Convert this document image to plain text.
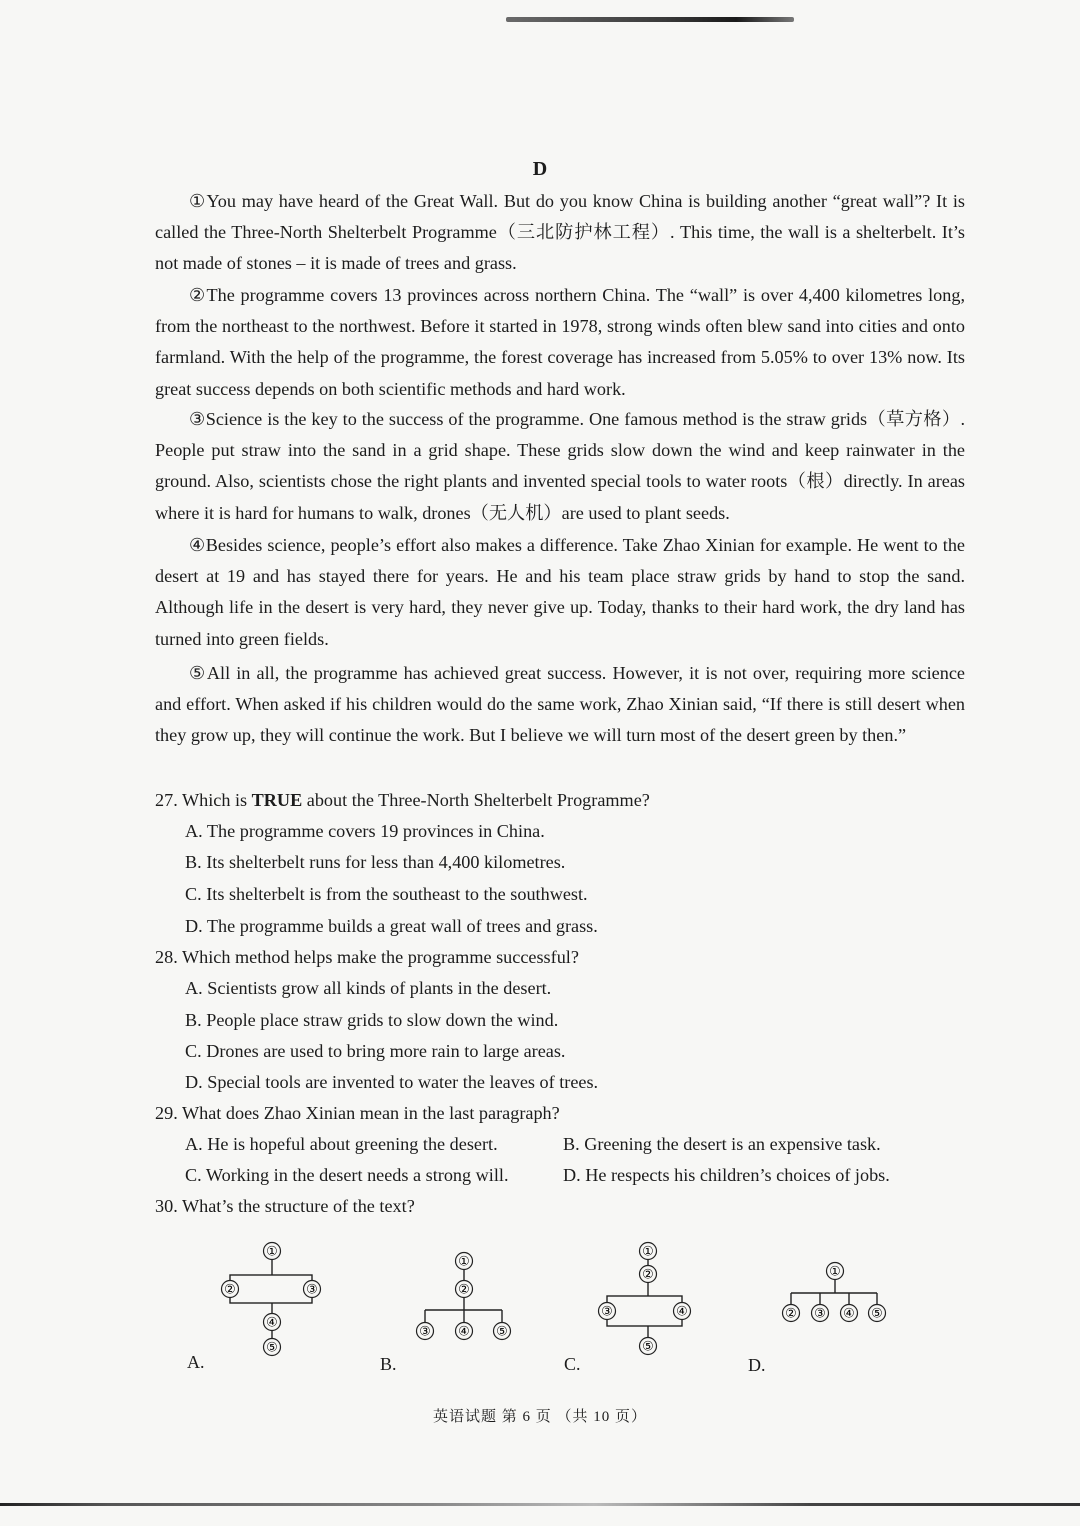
D
①You may have heard of the Great Wall. But do you know China is building another “great wall”? It is called the Three-North Shelterbelt Programme（三北防护林工程）. This time, the wall is a shelterbelt. It’s not made of stones – it is made of trees and grass.
②The programme covers 13 provinces across northern China. The “wall” is over 4,400 kilometres long, from the northeast to the northwest. Before it started in 1978, strong winds often blew sand into cities and onto farmland. With the help of the programme, the forest coverage has increased from 5.05% to over 13% now. Its great success depends on both scientific methods and hard work.
③Science is the key to the success of the programme. One famous method is the straw grids（草方格）. People put straw into the sand in a grid shape. These grids slow down the wind and keep rainwater in the ground. Also, scientists chose the right plants and invented special tools to water roots（根）directly. In areas where it is hard for humans to walk, drones（无人机）are used to plant seeds.
④Besides science, people’s effort also makes a difference. Take Zhao Xinian for example. He went to the desert at 19 and has stayed there for years. He and his team place straw grids by hand to stop the sand. Although life in the desert is very hard, they never give up. Today, thanks to their hard work, the dry land has turned into green fields.
⑤All in all, the programme has achieved great success. However, it is not over, requiring more science and effort. When asked if his children would do the same work, Zhao Xinian said, “If there is still desert when they grow up, they will continue the work. But I believe we will turn most of the desert green by then.”
27. Which is TRUE about the Three-North Shelterbelt Programme?
A. The programme covers 19 provinces in China.
B. Its shelterbelt runs for less than 4,400 kilometres.
C. Its shelterbelt is from the southeast to the southwest.
D. The programme builds a great wall of trees and grass.
28. Which method helps make the programme successful?
A. Scientists grow all kinds of plants in the desert.
B. People place straw grids to slow down the wind.
C. Drones are used to bring more rain to large areas.
D. Special tools are invented to water the leaves of trees.
29. What does Zhao Xinian mean in the last paragraph?
A. He is hopeful about greening the desert.	B. Greening the desert is an expensive task.
C. Working in the desert needs a strong will.	D. He respects his children’s choices of jobs.
30. What’s the structure of the text?
①
②	③
④
⑤
A.
①
②
③ ④ ⑤
B.
①
②
③	④
⑤
C.
①
② ③ ④ ⑤
D.
英语试题 第 6 页 （共 10 页）
